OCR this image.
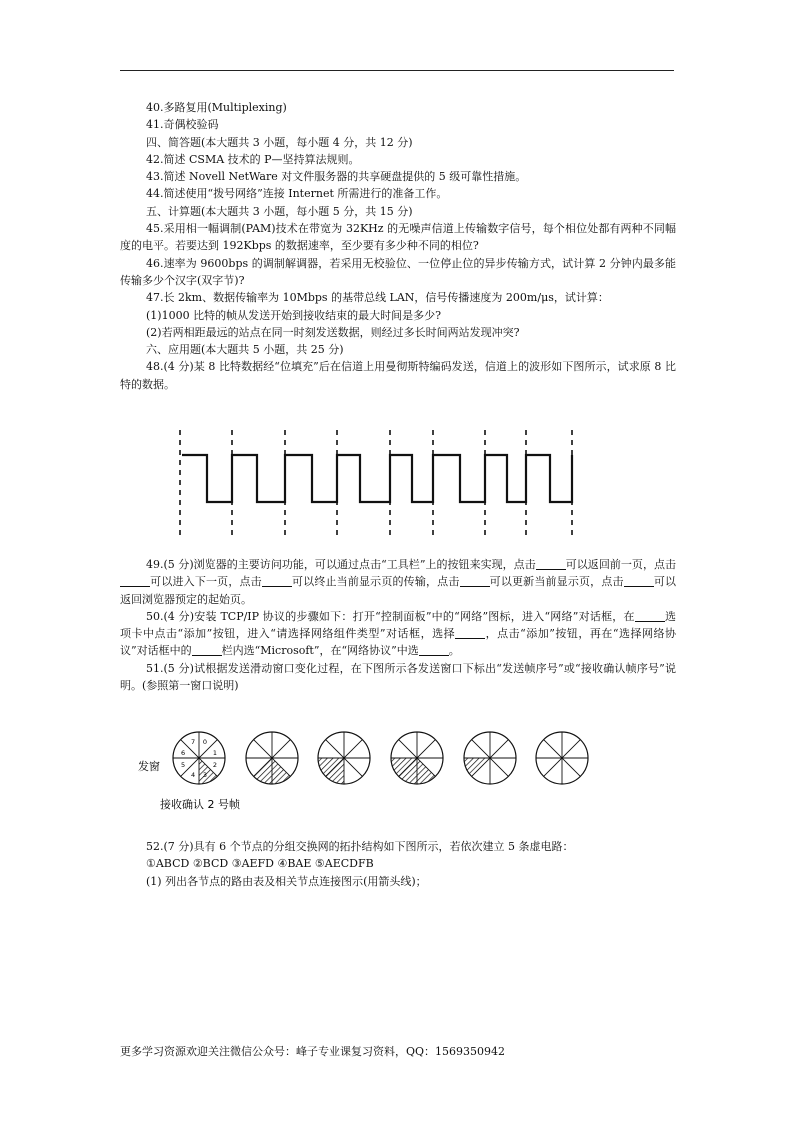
40.多路复用(Multiplexing)

41.奇偶校验码

四、简答题(本大题共 3 小题，每小题 4 分，共 12 分)

42.简述 CSMA 技术的 P—坚持算法规则。

43.简述 Novell NetWare 对文件服务器的共享硬盘提供的 5 级可靠性措施。

44.简述使用“拨号网络”连接 Internet 所需进行的准备工作。

五、计算题(本大题共 3 小题，每小题 5 分，共 15 分)

45.采用相一幅调制(PAM)技术在带宽为 32KHz 的无噪声信道上传输数字信号，每个相位处都有两种不同幅度的电平。若要达到 192Kbps 的数据速率，至少要有多少种不同的相位?

46.速率为 9600bps 的调制解调器，若采用无校验位、一位停止位的异步传输方式，试计算 2 分钟内最多能传输多少个汉字(双字节)?

47.长 2km、数据传输率为 10Mbps 的基带总线 LAN，信号传播速度为 200m/μs，试计算：

(1)1000 比特的帧从发送开始到接收结束的最大时间是多少?

(2)若两相距最远的站点在同一时刻发送数据，则经过多长时间两站发现冲突?

六、应用题(本大题共 5 小题，共 25 分)

48.(4 分)某 8 比特数据经“位填充”后在信道上用曼彻斯特编码发送，信道上的波形如下图所示，试求原 8 比特的数据。

49.(5 分)浏览器的主要访问功能，可以通过点击“工具栏”上的按钮来实现，点击	可以返回前一页，点击可以进入下一页，点击	可以终止当前显示页的传输，点击	可以更新当前显示页，点击	可以返回浏览器预定的起始页。

50.(4 分)安装 TCP/IP 协议的步骤如下：打开“控制面板”中的“网络”图标，进入“网络”对话框，在	选项卡中点击“添加”按钮，进入“请选择网络组件类型”对话框，选择	，点击“添加”按钮，再在“选择网络协议”对话框中的	栏内选“Microsoft”，在“网络协议”中选	。

51.(5 分)试根据发送滑动窗口变化过程，在下图所示各发送窗口下标出“发送帧序号”或“接收确认帧序号”说明。(参照第一窗口说明)

发窗
接收确认 2 号帧
0
1
2
3
4
5
6
7

52.(7 分)具有 6 个节点的分组交换网的拓扑结构如下图所示，若依次建立 5 条虚电路：

①ABCD ②BCD ③AEFD ④BAE ⑤AECDFB

(1) 列出各节点的路由表及相关节点连接图示(用箭头线)；

更多学习资源欢迎关注微信公众号：峰子专业课复习资料，QQ：1569350942
